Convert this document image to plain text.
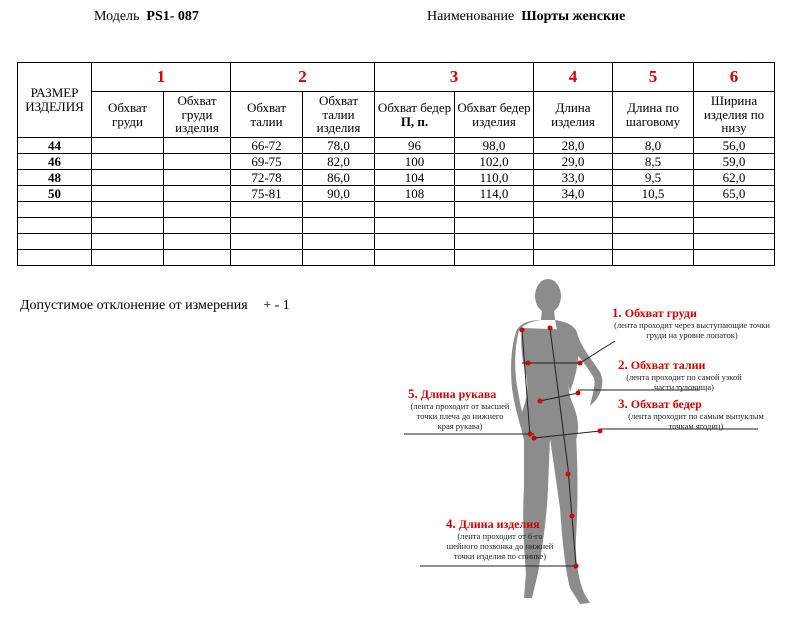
Модель PS1- 087	Наименование Шорты женские
РАЗМЕР ИЗДЕЛИЯ	1		2		3		4	5	6
	Обхват груди	Обхват груди изделия	Обхват талии	Обхват талии изделия	Обхват бедер
П, п.	Обхват бедер изделия	Длина изделия	Длина по шаговому	Ширина изделия по низу
44			66-72	78,0	96	98,0	28,0	8,0	56,0
46			69-75	82,0	100	102,0	29,0	8,5	59,0
48			72-78	86,0	104	110,0	33,0	9,5	62,0
50			75-81	90,0	108	114,0	34,0	10,5	65,0

Допустимое отклонение от измерения + - 1	1. Обхват груди
(лента проходит через выступающие точки груди на уровне лопаток)
2. Обхват талии
(лента проходит по самой узкой части туловища)
3. Обхват бедер
(лента проходит по самым выпуклым точкам ягодиц)
5. Длина рукава
(лента проходит от высшей точки плеча до нижнего края рукава)
4. Длина изделия
(лента проходит от 6-го шейного позвонка до нижней точки изделия по спинке)
